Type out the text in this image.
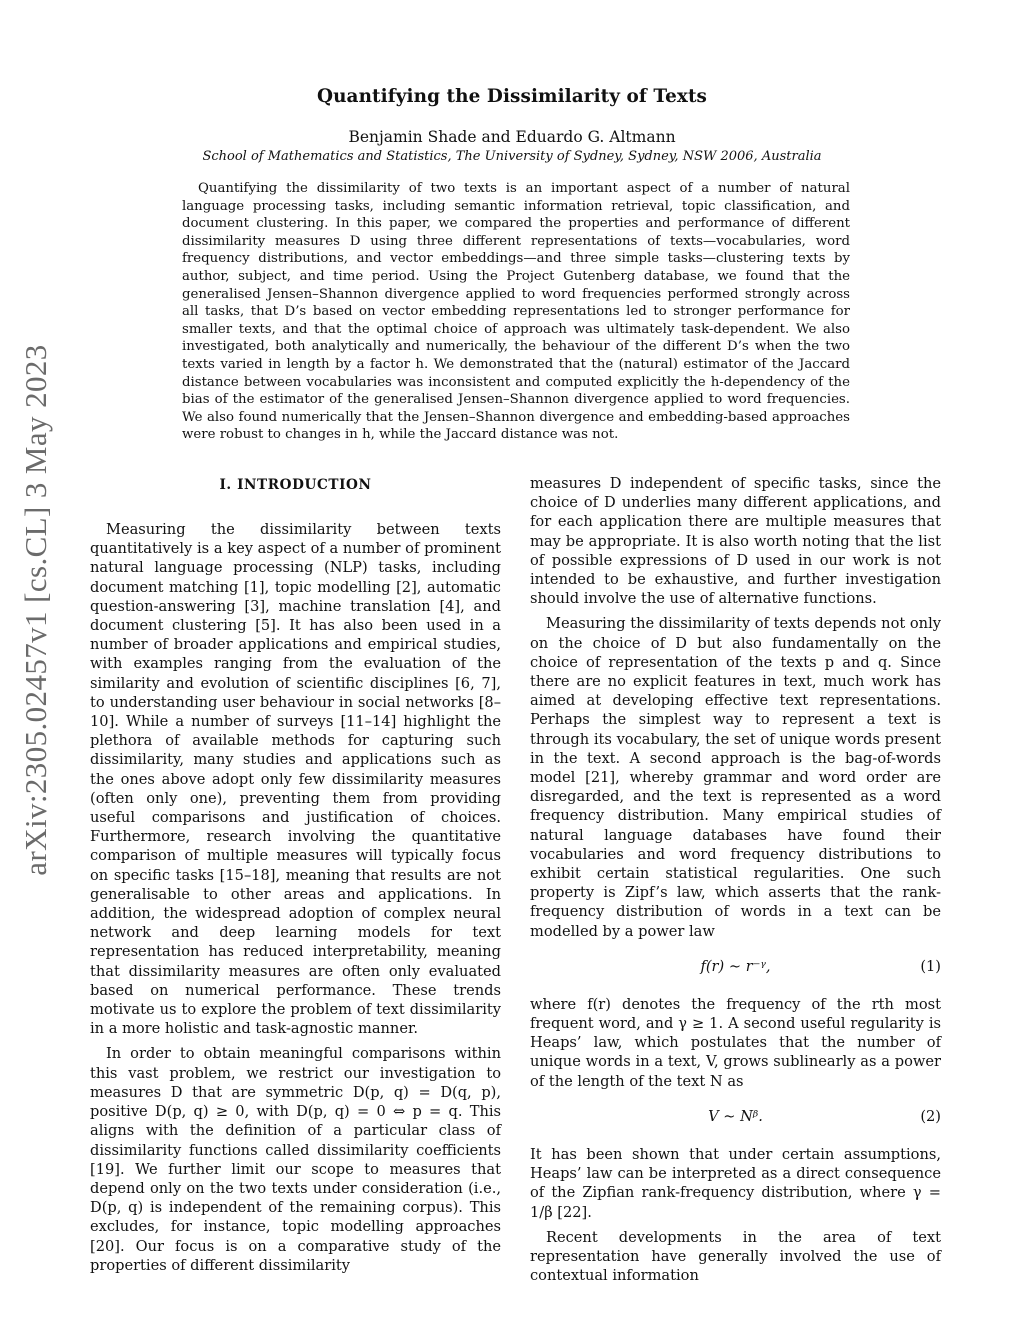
arXiv:2305.02457v1 [cs.CL] 3 May 2023
Quantifying the Dissimilarity of Texts
Benjamin Shade and Eduardo G. Altmann
School of Mathematics and Statistics, The University of Sydney, Sydney, NSW 2006, Australia
Quantifying the dissimilarity of two texts is an important aspect of a number of natural language processing tasks, including semantic information retrieval, topic classification, and document clustering. In this paper, we compared the properties and performance of different dissimilarity measures D using three different representations of texts—vocabularies, word frequency distributions, and vector embeddings—and three simple tasks—clustering texts by author, subject, and time period. Using the Project Gutenberg database, we found that the generalised Jensen–Shannon divergence applied to word frequencies performed strongly across all tasks, that D’s based on vector embedding representations led to stronger performance for smaller texts, and that the optimal choice of approach was ultimately task-dependent. We also investigated, both analytically and numerically, the behaviour of the different D’s when the two texts varied in length by a factor h. We demonstrated that the (natural) estimator of the Jaccard distance between vocabularies was inconsistent and computed explicitly the h-dependency of the bias of the estimator of the generalised Jensen–Shannon divergence applied to word frequencies. We also found numerically that the Jensen–Shannon divergence and embedding-based approaches were robust to changes in h, while the Jaccard distance was not.
I. INTRODUCTION

Measuring the dissimilarity between texts quantitatively is a key aspect of a number of prominent natural language processing (NLP) tasks, including document matching [1], topic modelling [2], automatic question-answering [3], machine translation [4], and document clustering [5]. It has also been used in a number of broader applications and empirical studies, with examples ranging from the evaluation of the similarity and evolution of scientific disciplines [6, 7], to understanding user behaviour in social networks [8–10]. While a number of surveys [11–14] highlight the plethora of available methods for capturing such dissimilarity, many studies and applications such as the ones above adopt only few dissimilarity measures (often only one), preventing them from providing useful comparisons and justification of choices. Furthermore, research involving the quantitative comparison of multiple measures will typically focus on specific tasks [15–18], meaning that results are not generalisable to other areas and applications. In addition, the widespread adoption of complex neural network and deep learning models for text representation has reduced interpretability, meaning that dissimilarity measures are often only evaluated based on numerical performance. These trends motivate us to explore the problem of text dissimilarity in a more holistic and task-agnostic manner.

In order to obtain meaningful comparisons within this vast problem, we restrict our investigation to measures D that are symmetric D(p, q) = D(q, p), positive D(p, q) ≥ 0, with D(p, q) = 0 ⇔ p = q. This aligns with the definition of a particular class of dissimilarity functions called dissimilarity coefficients [19]. We further limit our scope to measures that depend only on the two texts under consideration (i.e., D(p, q) is independent of the remaining corpus). This excludes, for instance, topic modelling approaches [20]. Our focus is on a comparative study of the properties of different dissimilarity

measures D independent of specific tasks, since the choice of D underlies many different applications, and for each application there are multiple measures that may be appropriate. It is also worth noting that the list of possible expressions of D used in our work is not intended to be exhaustive, and further investigation should involve the use of alternative functions.

Measuring the dissimilarity of texts depends not only on the choice of D but also fundamentally on the choice of representation of the texts p and q. Since there are no explicit features in text, much work has aimed at developing effective text representations. Perhaps the simplest way to represent a text is through its vocabulary, the set of unique words present in the text. A second approach is the bag-of-words model [21], whereby grammar and word order are disregarded, and the text is represented as a word frequency distribution. Many empirical studies of natural language databases have found their vocabularies and word frequency distributions to exhibit certain statistical regularities. One such property is Zipf’s law, which asserts that the rank-frequency distribution of words in a text can be modelled by a power law

f(r) ∼ r⁻ᵞ,	(1)

where f(r) denotes the frequency of the rth most frequent word, and γ ≥ 1. A second useful regularity is Heaps’ law, which postulates that the number of unique words in a text, V, grows sublinearly as a power of the length of the text N as

V ∼ Nᵝ.	(2)

It has been shown that under certain assumptions, Heaps’ law can be interpreted as a direct consequence of the Zipfian rank-frequency distribution, where γ = 1/β [22].

Recent developments in the area of text representation have generally involved the use of contextual information
